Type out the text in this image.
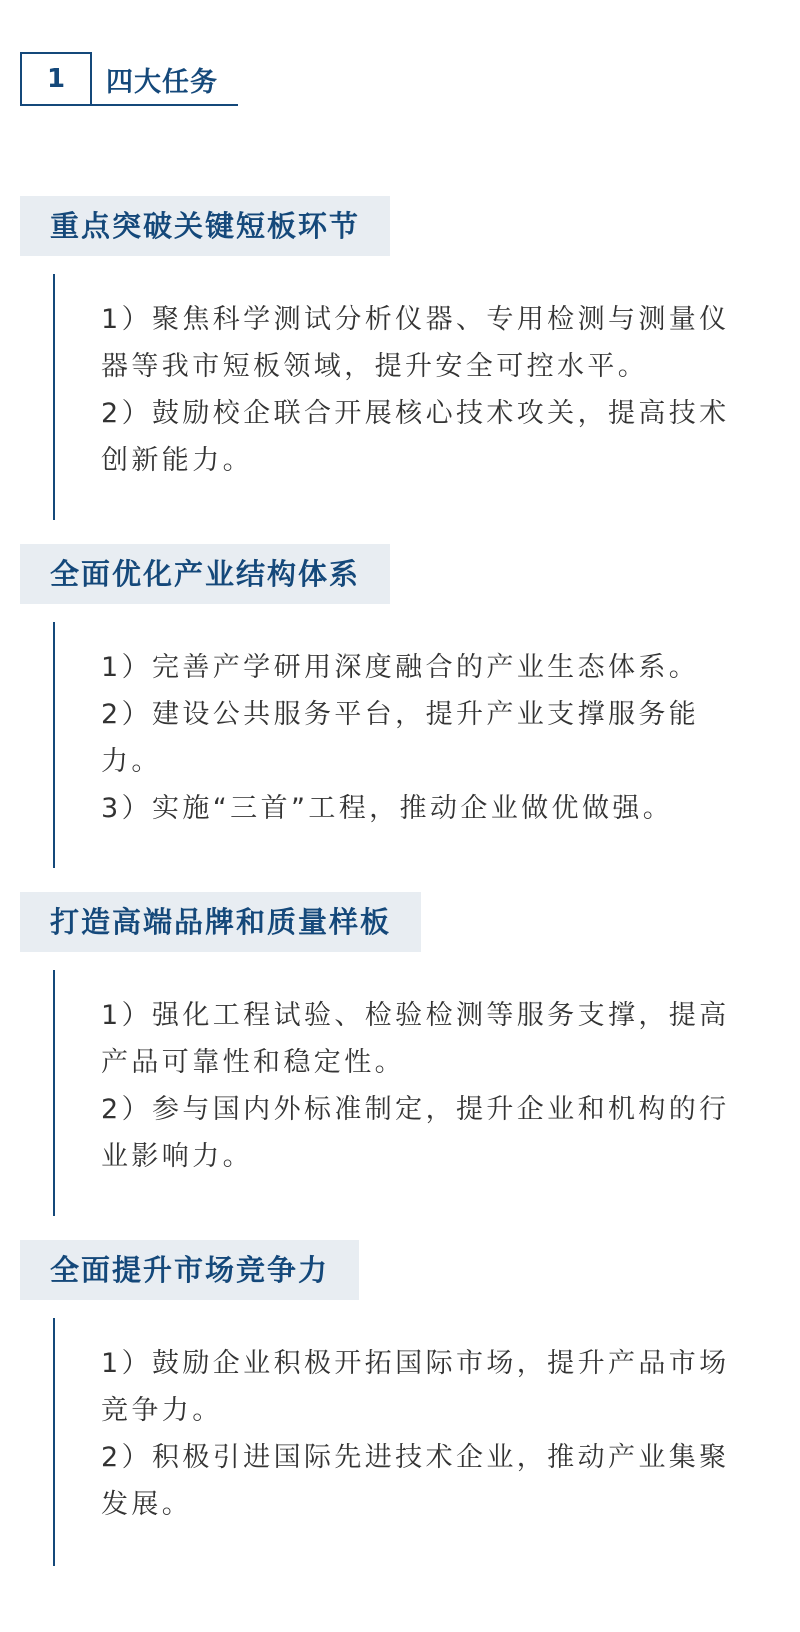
1	四大任务
重点突破关键短板环节
1）聚焦科学测试分析仪器、专用检测与测量仪器等我市短板领域，提升安全可控水平。
2）鼓励校企联合开展核心技术攻关，提高技术创新能力。
全面优化产业结构体系
1）完善产学研用深度融合的产业生态体系。
2）建设公共服务平台，提升产业支撑服务能力。
3）实施“三首”工程，推动企业做优做强。
打造高端品牌和质量样板
1）强化工程试验、检验检测等服务支撑，提高产品可靠性和稳定性。
2）参与国内外标准制定，提升企业和机构的行业影响力。
全面提升市场竞争力
1）鼓励企业积极开拓国际市场，提升产品市场竞争力。
2）积极引进国际先进技术企业，推动产业集聚发展。
